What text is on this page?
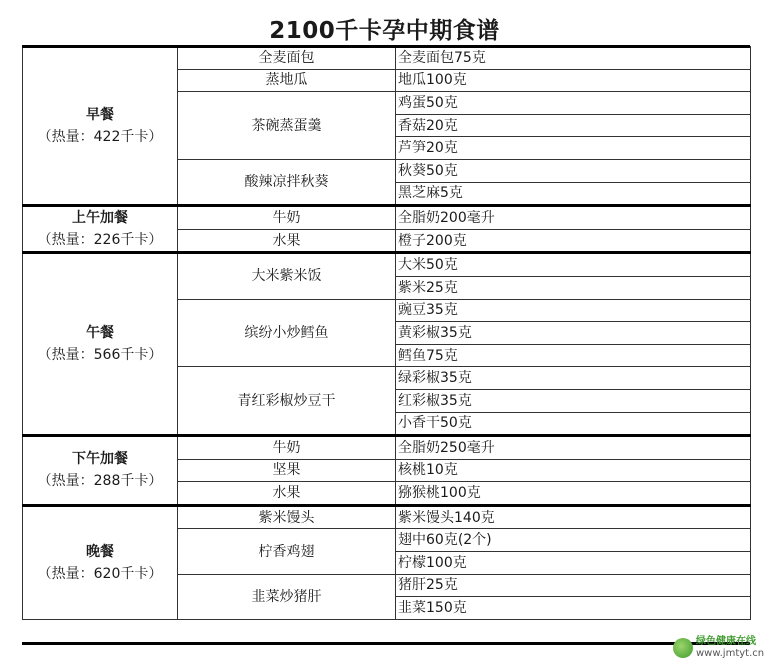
2100千卡孕中期食谱
早餐
（热量：422千卡）	全麦面包	全麦面包75克
	蒸地瓜	地瓜100克
	茶碗蒸蛋羹	鸡蛋50克
		香菇20克
		芦笋20克
	酸辣凉拌秋葵	秋葵50克
		黑芝麻5克

上午加餐
（热量：226千卡）	牛奶	全脂奶200毫升
	水果	橙子200克

午餐
（热量：566千卡）	大米紫米饭	大米50克
		紫米25克
	缤纷小炒鳕鱼	豌豆35克
		黄彩椒35克
		鳕鱼75克
	青红彩椒炒豆干	绿彩椒35克
		红彩椒35克
		小香干50克

下午加餐
（热量：288千卡）	牛奶	全脂奶250毫升
	坚果	核桃10克
	水果	猕猴桃100克

晚餐
（热量：620千卡）	紫米馒头	紫米馒头140克
	柠香鸡翅	翅中60克(2个)
		柠檬100克
	韭菜炒猪肝	猪肝25克
		韭菜150克
绿色健康在线
www.jmtyt.cn
